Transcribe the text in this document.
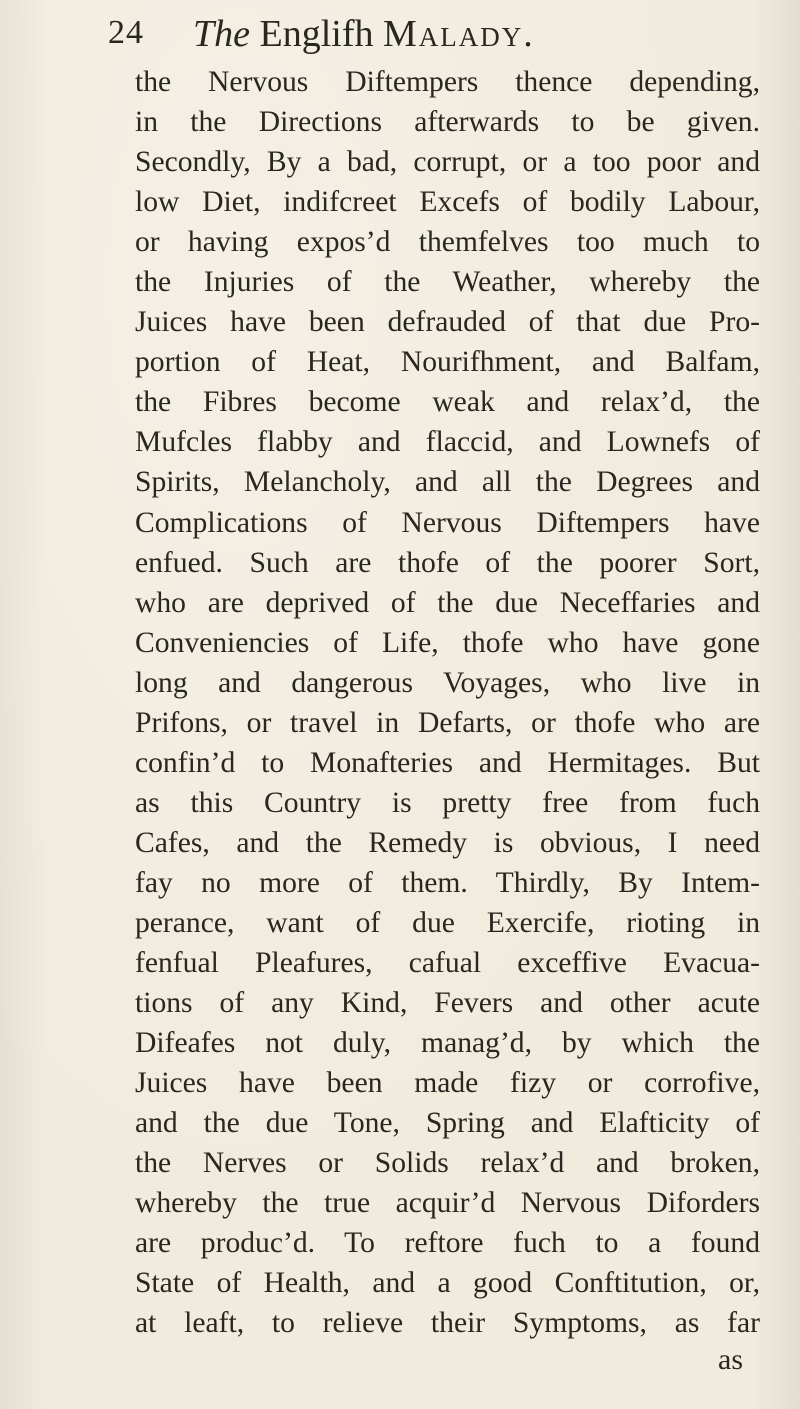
24 The Englifh Malady.
the Nervous Diftempers thence depending,
in the Directions afterwards to be given.
Secondly, By a bad, corrupt, or a too poor and
low Diet, indifcreet Excefs of bodily Labour,
or having expos’d themfelves too much to
the Injuries of the Weather, whereby the
Juices have been defrauded of that due Pro-
portion of Heat, Nourifhment, and Balfam,
the Fibres become weak and relax’d, the
Mufcles flabby and flaccid, and Lownefs of
Spirits, Melancholy, and all the Degrees and
Complications of Nervous Diftempers have
enfued. Such are thofe of the poorer Sort,
who are deprived of the due Neceffaries and
Conveniencies of Life, thofe who have gone
long and dangerous Voyages, who live in
Prifons, or travel in Defarts, or thofe who are
confin’d to Monafteries and Hermitages. But
as this Country is pretty free from fuch
Cafes, and the Remedy is obvious, I need
fay no more of them. Thirdly, By Intem-
perance, want of due Exercife, rioting in
fenfual Pleafures, cafual exceffive Evacua-
tions of any Kind, Fevers and other acute
Difeafes not duly, manag’d, by which the
Juices have been made fizy or corrofive,
and the due Tone, Spring and Elafticity of
the Nerves or Solids relax’d and broken,
whereby the true acquir’d Nervous Diforders
are produc’d. To reftore fuch to a found
State of Health, and a good Conftitution, or,
at leaft, to relieve their Symptoms, as far
as
